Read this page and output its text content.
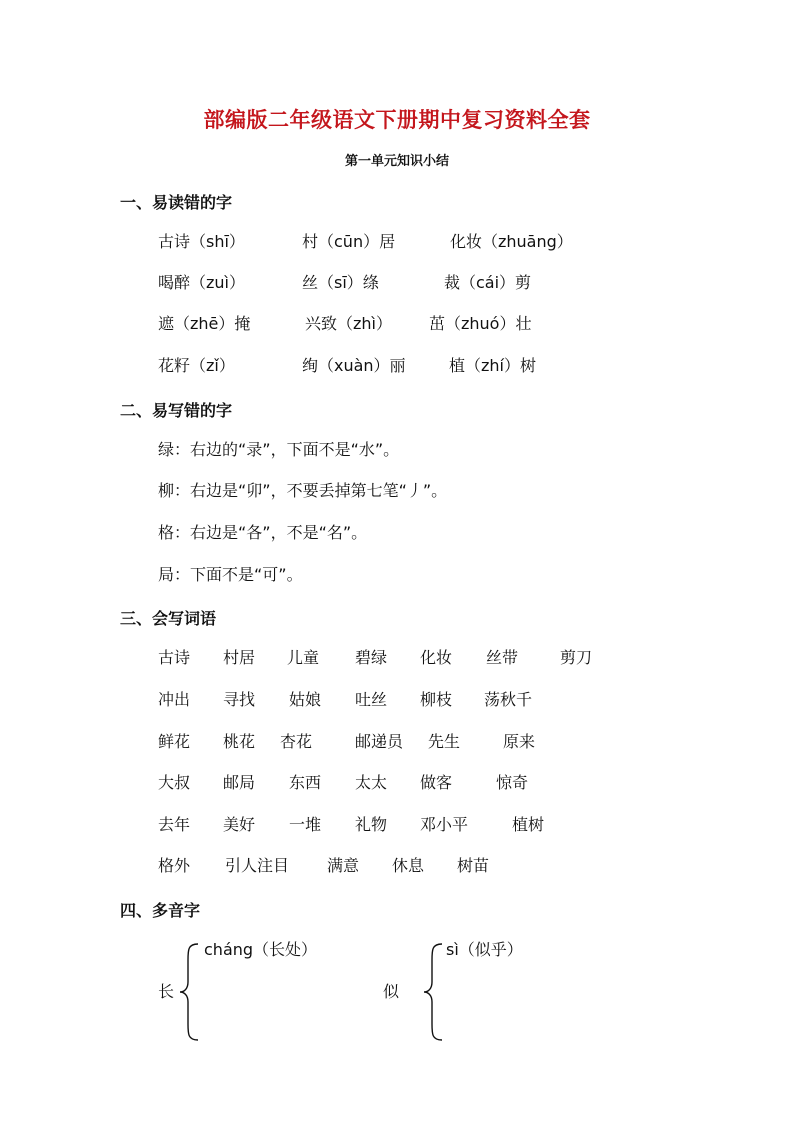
部编版二年级语文下册期中复习资料全套
第一单元知识小结
一、易读错的字
古诗（shī）	村（cūn）居	化妆（zhuāng）
喝醉（zuì）	丝（sī）绦	裁（cái）剪
遮（zhē）掩	兴致（zhì） 茁（zhuó）壮
花籽（zǐ）	绚（xuàn）丽	植（zhí）树
二、易写错的字
绿：右边的“录”，下面不是“水”。
柳：右边是“卯”，不要丢掉第七笔“丿”。
格：右边是“各”，不是“名”。
局：下面不是“可”。
三、会写词语
古诗 村居 儿童 碧绿 化妆 丝带	剪刀
冲出 寻找 姑娘 吐丝 柳枝 荡秋千
鲜花 桃花 杏花	邮递员 先生	原来
大叔 邮局 东西 太太 做客	惊奇
去年 美好 一堆 礼物 邓小平	植树
格外 引人注目 满意 休息 树苗
四、多音字
长
cháng（长处）
似
sì（似乎）
